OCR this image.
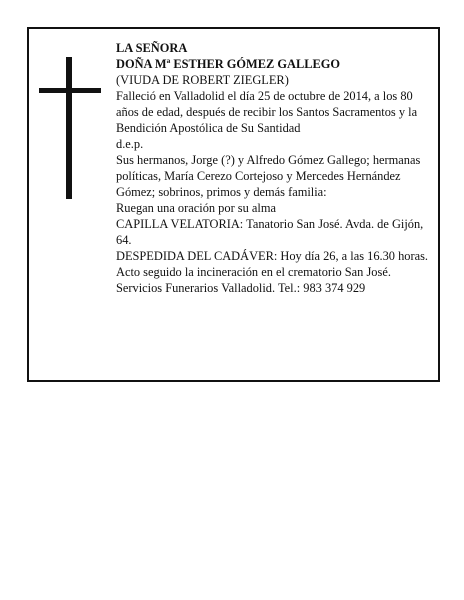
LA SEÑORA

DOÑA Mª ESTHER GÓMEZ GALLEGO

(VIUDA DE ROBERT ZIEGLER)

Falleció en Valladolid el día 25 de octubre de 2014, a los 80 años de edad, después de recibir los Santos Sacramentos y la Bendición Apostólica de Su Santidad

d.e.p.

Sus hermanos, Jorge (?) y Alfredo Gómez Gallego; hermanas políticas, María Cerezo Cortejoso y Mercedes Hernández Gómez; sobrinos, primos y demás familia:

Ruegan una oración por su alma

CAPILLA VELATORIA: Tanatorio San José. Avda. de Gijón, 64.

DESPEDIDA DEL CADÁVER: Hoy día 26, a las 16.30 horas. Acto seguido la incineración en el crematorio San José.

Servicios Funerarios Valladolid. Tel.: 983 374 929
